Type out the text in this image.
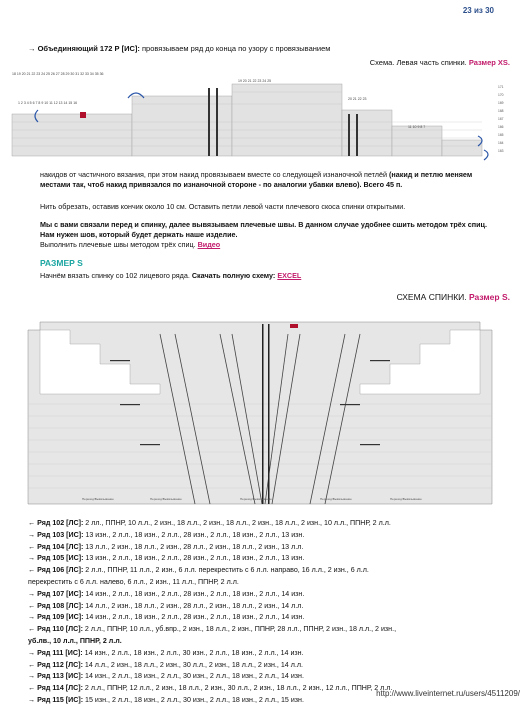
23 из 30
→ Объединяющий 172 Р [ИС]: провязываем ряд до конца по узору с провязыванием
Схема. Левая часть спинки. Размер XS.
18 19 20 21 22 23 24 25 26 27 28 29 30 31 32 33 34 35 36
1 2 3 4 5 6 7 8 9 10 11 12 13 14 15 16
19 20 21 22 23 24 25
20 21 22 23
11 10 9 8 7
171
170
169
168
167
166
165
164
163
накидов от частичного вязания, при этом накид провязываем вместе со следующей изнаночной петлёй (накид и петлю меняем местами так, чтоб накид привязался по изнаночной стороне - по аналогии убавки влево). Всего 45 п.
Нить обрезать, оставив кончик около 10 см. Оставить петли левой части плечевого скоса спинки открытыми.
Мы с вами связали перед и спинку, далее вывязываем плечевые швы. В данном случае удобнее сшить методом трёх спиц. Нам нужен шов, который будет держать наше изделие.
Выполнить плечевые швы методом трёх спиц. Видео
РАЗМЕР S
Начнём вязать спинку со 102 лицевого ряда. Скачать полную схему: EXCEL
СХЕМА СПИНКИ. Размер S.
Переход/Вывязывание	Переход/Вывязывание	Переход/Вывязывание	Переход/Вывязывание	Переход/Вывязывание
← Ряд 102 [ЛС]: 2 лл., ППНР, 10 л.л., 2 изн., 18 л.л., 2 изн., 18 л.л., 2 изн., 18 л.л., 2 изн., 10 л.л., ППНР, 2 л.л.
→ Ряд 103 [ИС]: 13 изн., 2 л.л., 18 изн., 2 л.л., 28 изн., 2 л.л., 18 изн., 2 л.л., 13 изн.
← Ряд 104 [ЛС]: 13 л.л., 2 изн., 18 л.л., 2 изн., 28 л.л., 2 изн., 18 л.л., 2 изн., 13 л.л.
→ Ряд 105 [ИС]: 13 изн., 2 л.л., 18 изн., 2 л.л., 28 изн., 2 л.л., 18 изн., 2 л.л., 13 изн.
← Ряд 106 [ЛС]: 2 л.л., ППНР, 11 л.л., 2 изн., 6 л.л. перекрестить с 6 л.л. направо, 16 л.л., 2 изн., 6 л.л.
перекрестить с 6 л.л. налево, 6 л.л., 2 изн., 11 л.л., ППНР, 2 л.л.
→ Ряд 107 [ИС]: 14 изн., 2 л.л., 18 изн., 2 л.л., 28 изн., 2 л.л., 18 изн., 2 л.л., 14 изн.
← Ряд 108 [ЛС]: 14 л.л., 2 изн., 18 л.л., 2 изн., 28 л.л., 2 изн., 18 л.л., 2 изн., 14 л.л.
→ Ряд 109 [ИС]: 14 изн., 2 л.л., 18 изн., 2 л.л., 28 изн., 2 л.л., 18 изн., 2 л.л., 14 изн.
← Ряд 110 [ЛС]: 2 л.л., ППНР, 10 л.л., уб.впр., 2 изн., 18 л.л., 2 изн., ППНР, 28 л.л., ППНР, 2 изн., 18 л.л., 2 изн.,
уб.лв., 10 л.л., ППНР, 2 л.л.
→ Ряд 111 [ИС]: 14 изн., 2 л.л., 18 изн., 2 л.л., 30 изн., 2 л.л., 18 изн., 2 л.л., 14 изн.
← Ряд 112 [ЛС]: 14 л.л., 2 изн., 18 л.л., 2 изн., 30 л.л., 2 изн., 18 л.л., 2 изн., 14 л.л.
→ Ряд 113 [ИС]: 14 изн., 2 л.л., 18 изн., 2 л.л., 30 изн., 2 л.л., 18 изн., 2 л.л., 14 изн.
← Ряд 114 [ЛС]: 2 л.л., ППНР, 12 л.л., 2 изн., 18 л.л., 2 изн., 30 л.л., 2 изн., 18 л.л., 2 изн., 12 л.л., ППНР, 2 л.л.
→ Ряд 115 [ИС]: 15 изн., 2 л.л., 18 изн., 2 л.л., 30 изн., 2 л.л., 18 изн., 2 л.л., 15 изн.
http://www.liveinternet.ru/users/4511209/
